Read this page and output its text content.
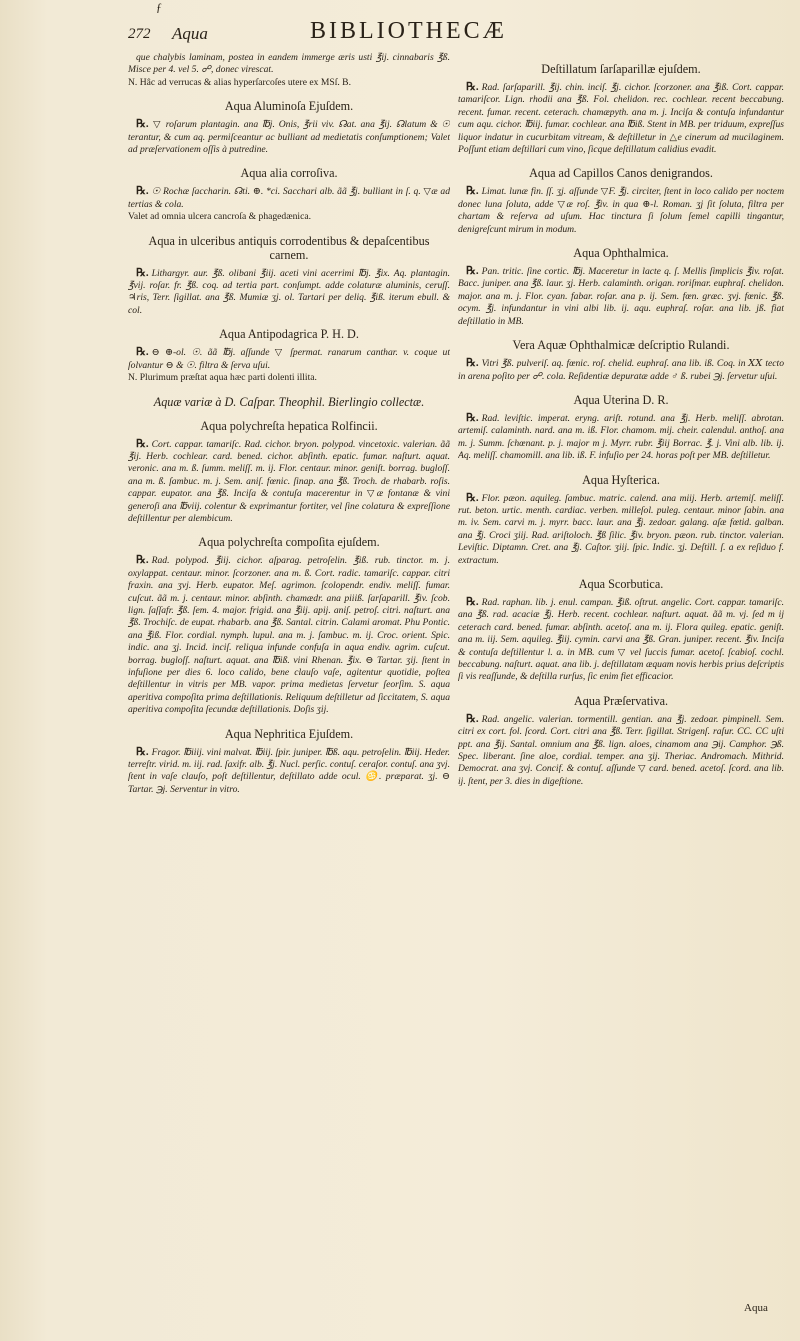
ƒ
272 Aqua	BIBLIOTHECÆ

que chalybis laminam, postea in eandem immerge æris usti ℥ij. cinnabaris ℥ß. Misce per 4. vel 5. ☍, donec virescat.

N. Hâc ad verrucas & alias hyperſarcoſes utere ex MSſ. B.

Aqua Aluminoſa Ejuſdem.

℞. ▽ roſarum plantagin. ana ℔j. Onis, ℥rii viv. ☊at. ana ℥ij. ☊latum & ☉ terantur, & cum aq. permiſceantur ac bulliant ad medietatis conſumptionem; Valet ad præſervationem oſſis à putredine.

Aqua alia corroſiva.

℞. ☉ Rochæ ſaccharin. ☊ti. ⊕. *ci. Sacchari alb. ãã ℥j. bulliant in ſ. q. ▽æ ad tertias & cola.

Valet ad omnia ulcera cancroſa & phagedænica.

Aqua in ulceribus antiquis corrodentibus & depaſcentibus carnem.

℞. Lithargyr. aur. ℥ß. olibani ℥iij. aceti vini acerrimi ℔j. ℥ix. Aq. plantagin. ℥vij. roſar. fr. ℥ß. coq. ad tertia part. conſumpt. adde colaturæ aluminis, ceruſſ. ♃ris, Terr. ſigillat. ana ℥ß. Mumiæ ʒj. ol. Tartari per deliq. ℥iß. iterum ebull. & col.

Aqua Antipodagrica P. H. D.

℞. ⊖ ⊕-ol. ☉. ãã ℔j. aſſunde ▽ ſpermat. ranarum canthar. v. coque ut ſolvantur ⊖ & ☉. filtra & ſerva uſui.

N. Plurimum præſtat aqua hæc parti dolenti illita.

Aquæ variæ à D. Caſpar. Theophil. Bierlingio collectæ.
Aqua polychreſta hepatica Rolfincii.

℞. Cort. cappar. tamariſc. Rad. cichor. bryon. polypod. vincetoxic. valerian. ãã ℥ij. Herb. cochlear. card. bened. cichor. abſinth. epatic. fumar. naſturt. aquat. veronic. ana m. ß. ſumm. meliſſ. m. ij. Flor. centaur. minor. geniſt. borrag. bugloſſ. ana m. ß. ſambuc. m. j. Sem. aniſ. fœnic. ſinap. ana ℥ß. Troch. de rhabarb. roſis. cappar. eupator. ana ℥ß. Inciſa & contuſa macerentur in ▽æ fontanæ & vini generoſi ana ℔viij. colentur & exprimantur fortiter, vel ſine colatura & expreſſione deſtillentur per alembicum.

Aqua polychreſta compoſita ejuſdem.

℞. Rad. polypod. ℥iij. cichor. aſparag. petroſelin. ℥iß. rub. tinctor. m. j. oxylappat. centaur. minor. ſcorzoner. ana m. ß. Cort. radic. tamariſc. cappar. citri fraxin. ana ʒvj. Herb. eupator. Meſ. agrimon. ſcolopendr. endiv. meliſſ. fumar. cuſcut. ãã m. j. centaur. minor. abſinth. chamædr. ana piiiß. ſarſaparill. ℥iv. ſcob. lign. ſaſſafr. ℥ß. ſem. 4. major. frigid. ana ℥iij. apij. aniſ. petroſ. citri. naſturt. ana ℥ß. Trochiſc. de eupat. rhabarb. ana ℥ß. Santal. citrin. Calami aromat. Phu Pontic. ana ℥iß. Flor. cordial. nymph. lupul. ana m. j. ſambuc. m. ij. Croc. orient. Spic. indic. ana ʒj. Incid. inciſ. reliqua infunde confuſa in aqua endiv. agrim. cuſcut. borrag. bugloſſ. naſturt. aquat. ana ℔iß. vini Rhenan. ℥ix. ⊖ Tartar. ʒij. ſtent in infuſione per dies 6. loco calido, bene clauſo vaſe, agitentur quotidie, poſtea deſtillentur in vitris per MB. vapor. prima medietas ſervetur ſeorſim. S. aqua aperitiva compoſita prima deſtillationis. Reliquum deſtilletur ad ſiccitatem, S. aqua aperitiva compoſita ſecundæ deſtillationis. Doſis ʒij.

Aqua Nephritica Ejuſdem.

℞. Fragor. ℔iiij. vini malvat. ℔iij. ſpir. juniper. ℔ß. aqu. petroſelin. ℔iij. Heder. terreſtr. virid. m. iij. rad. ſaxifr. alb. ℥j. Nucl. perſic. contuſ. ceraſor. contuſ. ana ʒvj. ſtent in vaſe clauſo, poſt deſtillentur, deſtillato adde ocul. ♋. præparat. ʒj. ⊖ Tartar. ℈j. Serventur in vitro.

Deſtillatum ſarſaparillæ ejuſdem.

℞. Rad. ſarſaparill. ℥ij. chin. inciſ. ℥j. cichor. ſcorzoner. ana ℥iß. Cort. cappar. tamariſcor. Lign. rhodii ana ℥ß. Fol. chelidon. rec. cochlear. recent beccabung. recent. fumar. recent. ceterach. chamæpyth. ana m. j. Inciſa & contuſa infundantur cum aqu. cichor. ℔iij. fumar. cochlear. ana ℔iß. Stent in MB. per triduum, expreſſus liquor indatur in cucurbitam vitream, & deſtilletur in △e cinerum ad mucilaginem. Poſſunt etiam deſtillari cum vino, ſicque deſtillatum calidius evadit.

Aqua ad Capillos Canos denigrandos.

℞. Limat. lunæ fin. ſſ. ʒj. aſſunde ▽F. ℥j. circiter, ſtent in loco calido per noctem donec luna ſoluta, adde ▽æ roſ. ℥iv. in qua ⊕-l. Roman. ʒj ſit ſoluta, filtra per chartam & reſerva ad uſum. Hac tinctura ſi ſolum ſemel capilli tingantur, denigreſcunt mirum in modum.

Aqua Ophthalmica.

℞. Pan. tritic. ſine cortic. ℔j. Maceretur in lacte q. ſ. Mellis ſimplicis ℥iv. roſat. Bacc. juniper. ana ℥ß. laur. ʒj. Herb. calaminth. origan. roriſmar. euphraſ. chelidon. major. ana m. j. Flor. cyan. fabar. roſar. ana p. ij. Sem. fœn. græc. ʒvj. fœnic. ℥ß. ocym. ℥j. infundantur in vini albi lib. ij. aqu. euphraſ. roſar. ana lib. jß. fiat deſtillatio in MB.

Vera Aquæ Ophthalmicæ deſcriptio Rulandi.

℞. Vitri ℥ß. pulveriſ. aq. fœnic. roſ. chelid. euphraſ. ana lib. iß. Coq. in ⅩⅩ tecto in arena poſito per ☍. cola. Reſidentiæ depuratæ adde ♂ ß. rubei ℈j. ſervetur uſui.

Aqua Uterina D. R.

℞. Rad. leviſtic. imperat. eryng. ariſt. rotund. ana ℥j. Herb. meliſſ. abrotan. artemiſ. calaminth. nard. ana m. iß. Flor. chamom. mij. cheir. calendul. anthoſ. ana m. j. Summ. ſchœnant. p. j. major m j. Myrr. rubr. ℥iij Borrac. ℥. j. Vini alb. lib. ij. Aq. meliſſ. chamomill. ana lib. iß. F. infuſio per 24. horas poſt per MB. deſtilletur.

Aqua Hyſterica.

℞. Flor. pæon. aquileg. ſambuc. matric. calend. ana miij. Herb. artemiſ. meliſſ. rut. beton. urtic. menth. cardiac. verben. milleſol. puleg. centaur. minor ſabin. ana m. iv. Sem. carvi m. j. myrr. bacc. laur. ana ℥j. zedoar. galang. aſæ fœtid. galban. ana ℥j. Croci ʒiij. Rad. ariſtoloch. ℥ß ſilic. ℥iv. bryon. pæon. rub. tinctor. valerian. Leviſtic. Diptamn. Cret. ana ℥j. Caſtor. ʒiij. ſpic. Indic. ʒj. Deſtill. ſ. a ex reſiduo f. extractum.

Aqua Scorbutica.

℞. Rad. raphan. lib. j. enul. campan. ℥iß. oſtrut. angelic. Cort. cappar. tamariſc. ana ℥ß. rad. acaciæ ℥j. Herb. recent. cochlear. naſturt. aquat. ãã m. vj. ſed m ij ceterach card. bened. fumar. abſinth. acetoſ. ana m. ij. Flora quileg. epatic. geniſt. ana m. iij. Sem. aquileg. ℥iij. cymin. carvi ana ℥ß. Gran. juniper. recent. ℥iv. Inciſa & contuſa deſtillentur l. a. in MB. cum ▽ vel ſuccis fumar. acetoſ. ſcabioſ. cochl. beccabung. naſturt. aquat. ana lib. j. deſtillatam æquam novis herbis prius deſcriptis ſi vis reaſſunde, & deſtilla rurſus, ſic enim fiet efficacior.

Aqua Præſervativa.

℞. Rad. angelic. valerian. tormentill. gentian. ana ℥j. zedoar. pimpinell. Sem. citri ex cort. fol. ſcord. Cort. citri ana ℥ß. Terr. ſigillat. Strigenſ. raſur. CC. CC uſti ppt. ana ℥ij. Santal. omnium ana ℥ß. lign. aloes, cinamom ana ℈ij. Camphor. ℈ß. Spec. liberant. ſine aloe, cordial. temper. ana ʒij. Theriac. Andromach. Mithrid. Democrat. ana ʒvj. Concif. & contuſ. aſſunde ▽ card. bened. acetoſ. ſcord. ana lib. ij. ſtent, per 3. dies in digeſtione.

Aqua
